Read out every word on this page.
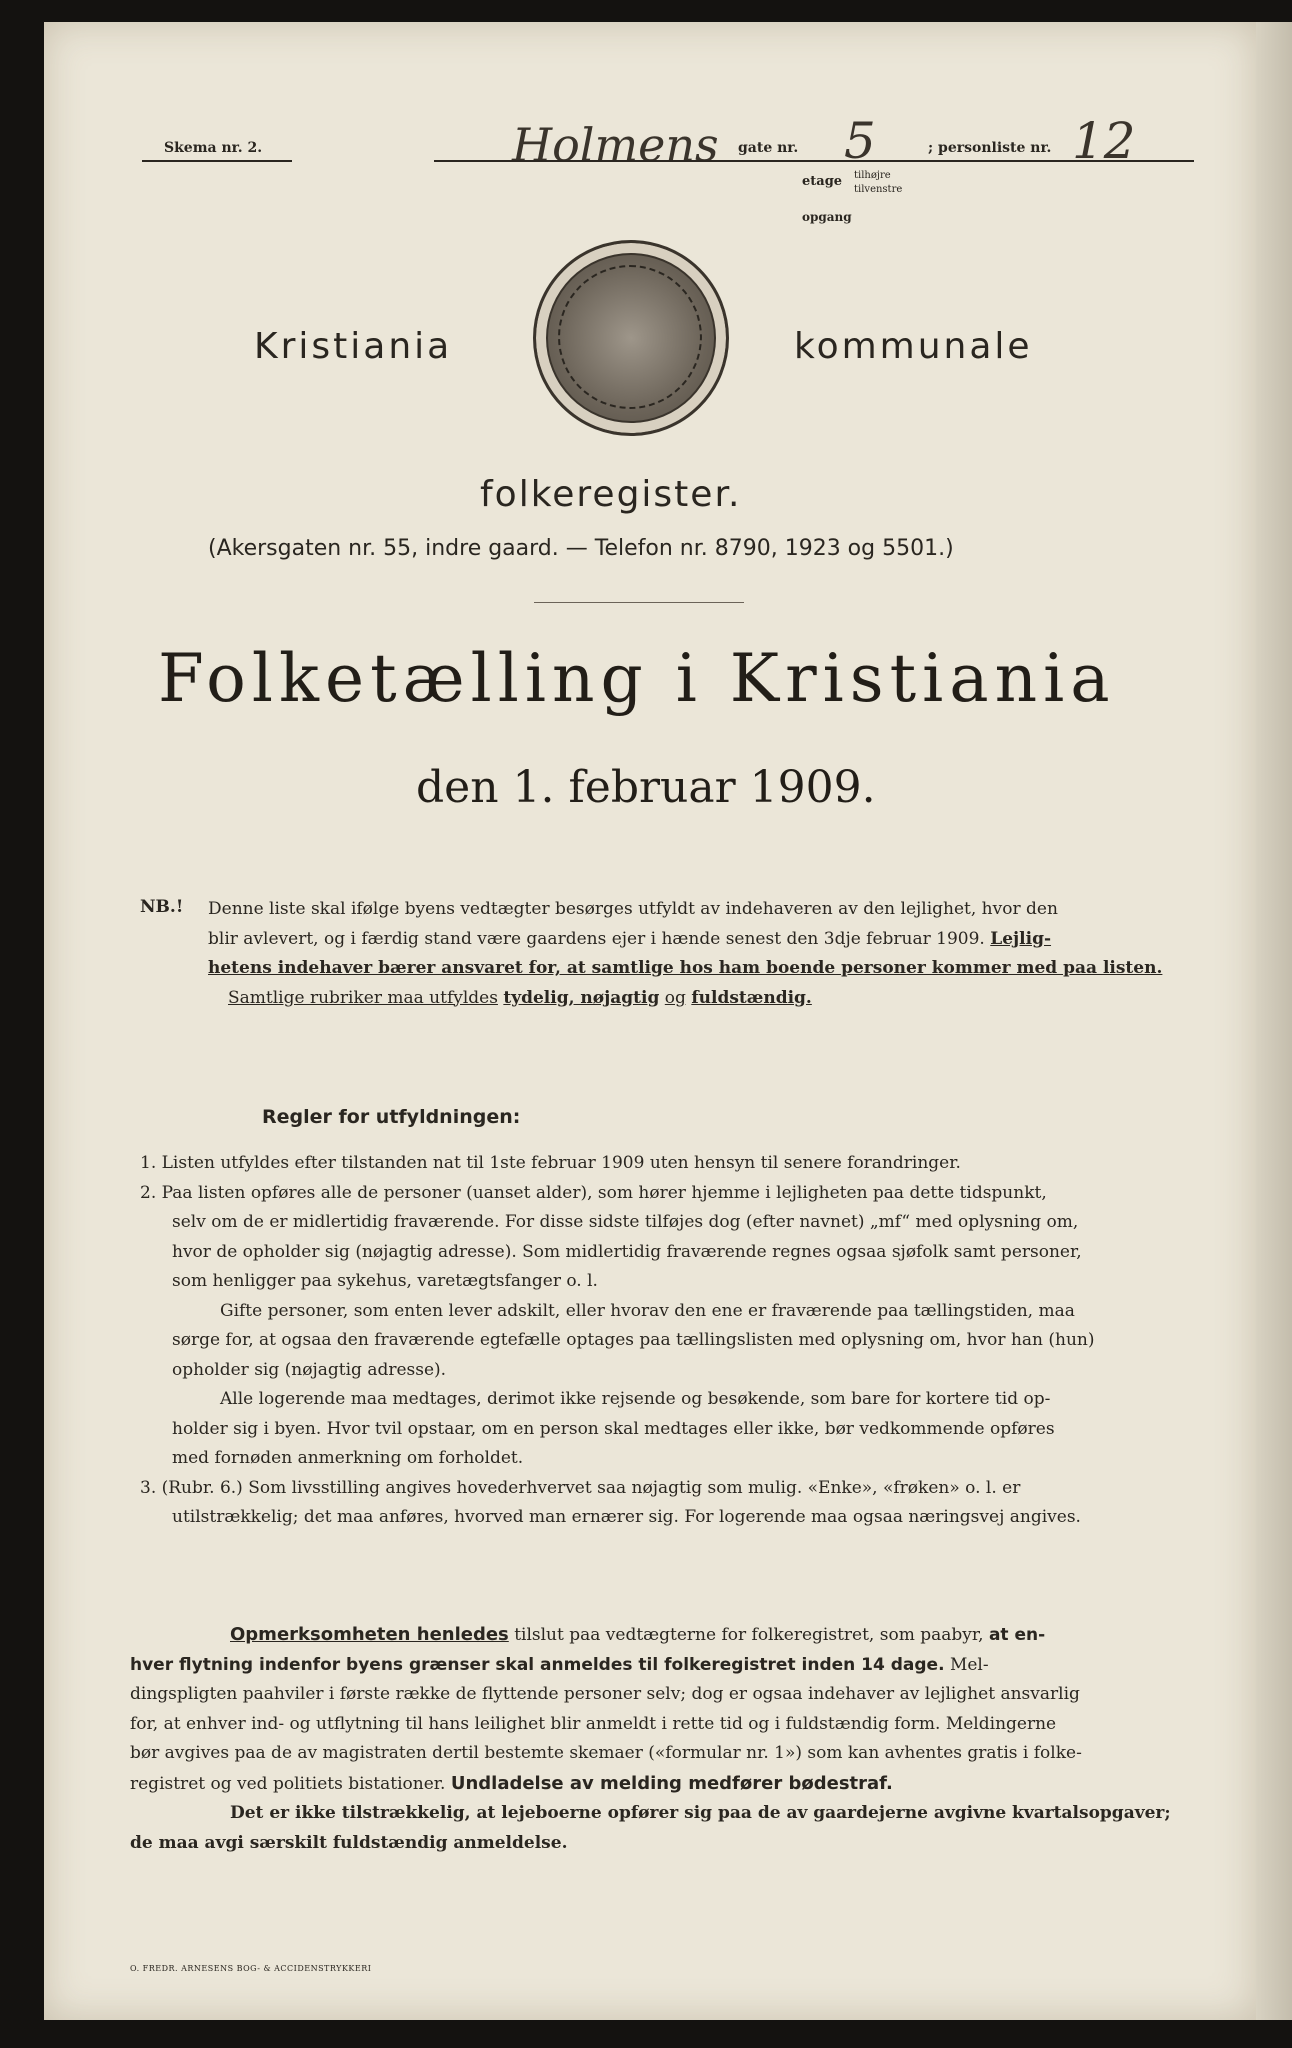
Skema nr. 2.	Holmens gate nr. 5	; personliste nr. 12
etage tilhøjre
tilvenstre
opgang
Kristiania	kommunale
folkeregister.
(Akersgaten nr. 55, indre gaard. — Telefon nr. 8790, 1923 og 5501.)
Folketælling i Kristiania
den 1. februar 1909.
NB.! Denne liste skal ifølge byens vedtægter besørges utfyldt av indehaveren av den lejlighet, hvor den
blir avlevert, og i færdig stand være gaardens ejer i hænde senest den 3dje februar 1909. Lejlig-
hetens indehaver bærer ansvaret for, at samtlige hos ham boende personer kommer med paa listen.
Samtlige rubriker maa utfyldes tydelig, nøjagtig og fuldstændig.
Regler for utfyldningen:
1. Listen utfyldes efter tilstanden nat til 1ste februar 1909 uten hensyn til senere forandringer.
2. Paa listen opføres alle de personer (uanset alder), som hører hjemme i lejligheten paa dette tidspunkt,
selv om de er midlertidig fraværende. For disse sidste tilføjes dog (efter navnet) „mf“ med oplysning om,
hvor de opholder sig (nøjagtig adresse). Som midlertidig fraværende regnes ogsaa sjøfolk samt personer,
som henligger paa sykehus, varetægtsfanger o. l.
Gifte personer, som enten lever adskilt, eller hvorav den ene er fraværende paa tællingstiden, maa
sørge for, at ogsaa den fraværende egtefælle optages paa tællingslisten med oplysning om, hvor han (hun)
opholder sig (nøjagtig adresse).
Alle logerende maa medtages, derimot ikke rejsende og besøkende, som bare for kortere tid op-
holder sig i byen. Hvor tvil opstaar, om en person skal medtages eller ikke, bør vedkommende opføres
med fornøden anmerkning om forholdet.
3. (Rubr. 6.) Som livsstilling angives hovederhvervet saa nøjagtig som mulig. «Enke», «frøken» o. l. er
utilstrækkelig; det maa anføres, hvorved man ernærer sig. For logerende maa ogsaa næringsvej angives.
Opmerksomheten henledes tilslut paa vedtægterne for folkeregistret, som paabyr, at en-
hver flytning indenfor byens grænser skal anmeldes til folkeregistret inden 14 dage. Mel-
dingspligten paahviler i første række de flyttende personer selv; dog er ogsaa indehaver av lejlighet ansvarlig
for, at enhver ind- og utflytning til hans leilighet blir anmeldt i rette tid og i fuldstændig form. Meldingerne
bør avgives paa de av magistraten dertil bestemte skemaer («formular nr. 1») som kan avhentes gratis i folke-
registret og ved politiets bistationer. Undladelse av melding medfører bødestraf.
Det er ikke tilstrækkelig, at lejeboerne opfører sig paa de av gaardejerne avgivne kvartalsopgaver;
de maa avgi særskilt fuldstændig anmeldelse.
O. FREDR. ARNESENS BOG- & ACCIDENSTRYKKERI
